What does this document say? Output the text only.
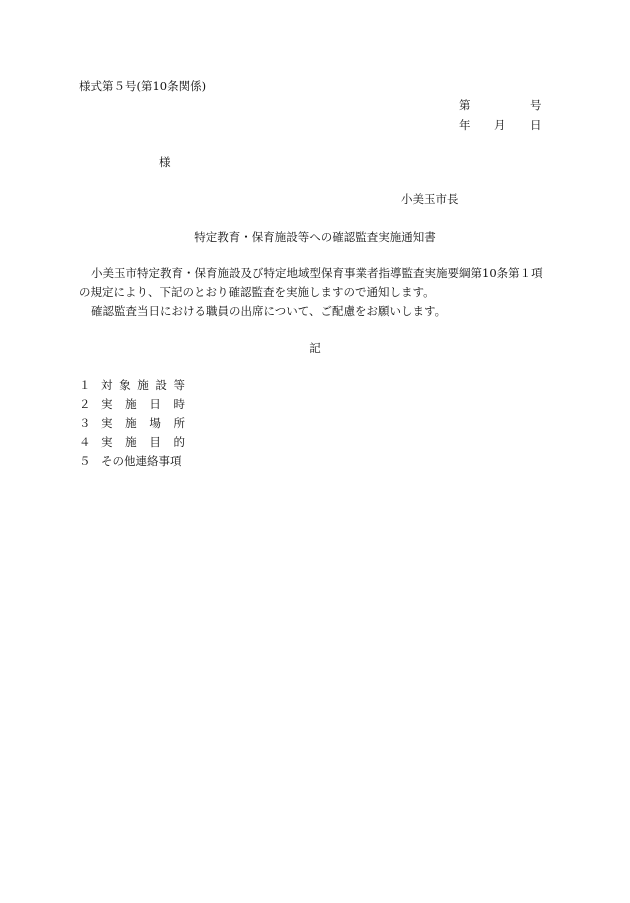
様式第５号(第10条関係)
第	号
年 月 日
様
小美玉市長
特定教育・保育施設等への確認監査実施通知書
小美玉市特定教育・保育施設及び特定地域型保育事業者指導監査実施要綱第10条第１項
の規定により、下記のとおり確認監査を実施しますので通知します。
確認監査当日における職員の出席について、ご配慮をお願いします。
記
１ 対 象 施 設 等
２ 実 施 日 時
３ 実 施 場 所
４ 実 施 目 的
５ その他連絡事項
